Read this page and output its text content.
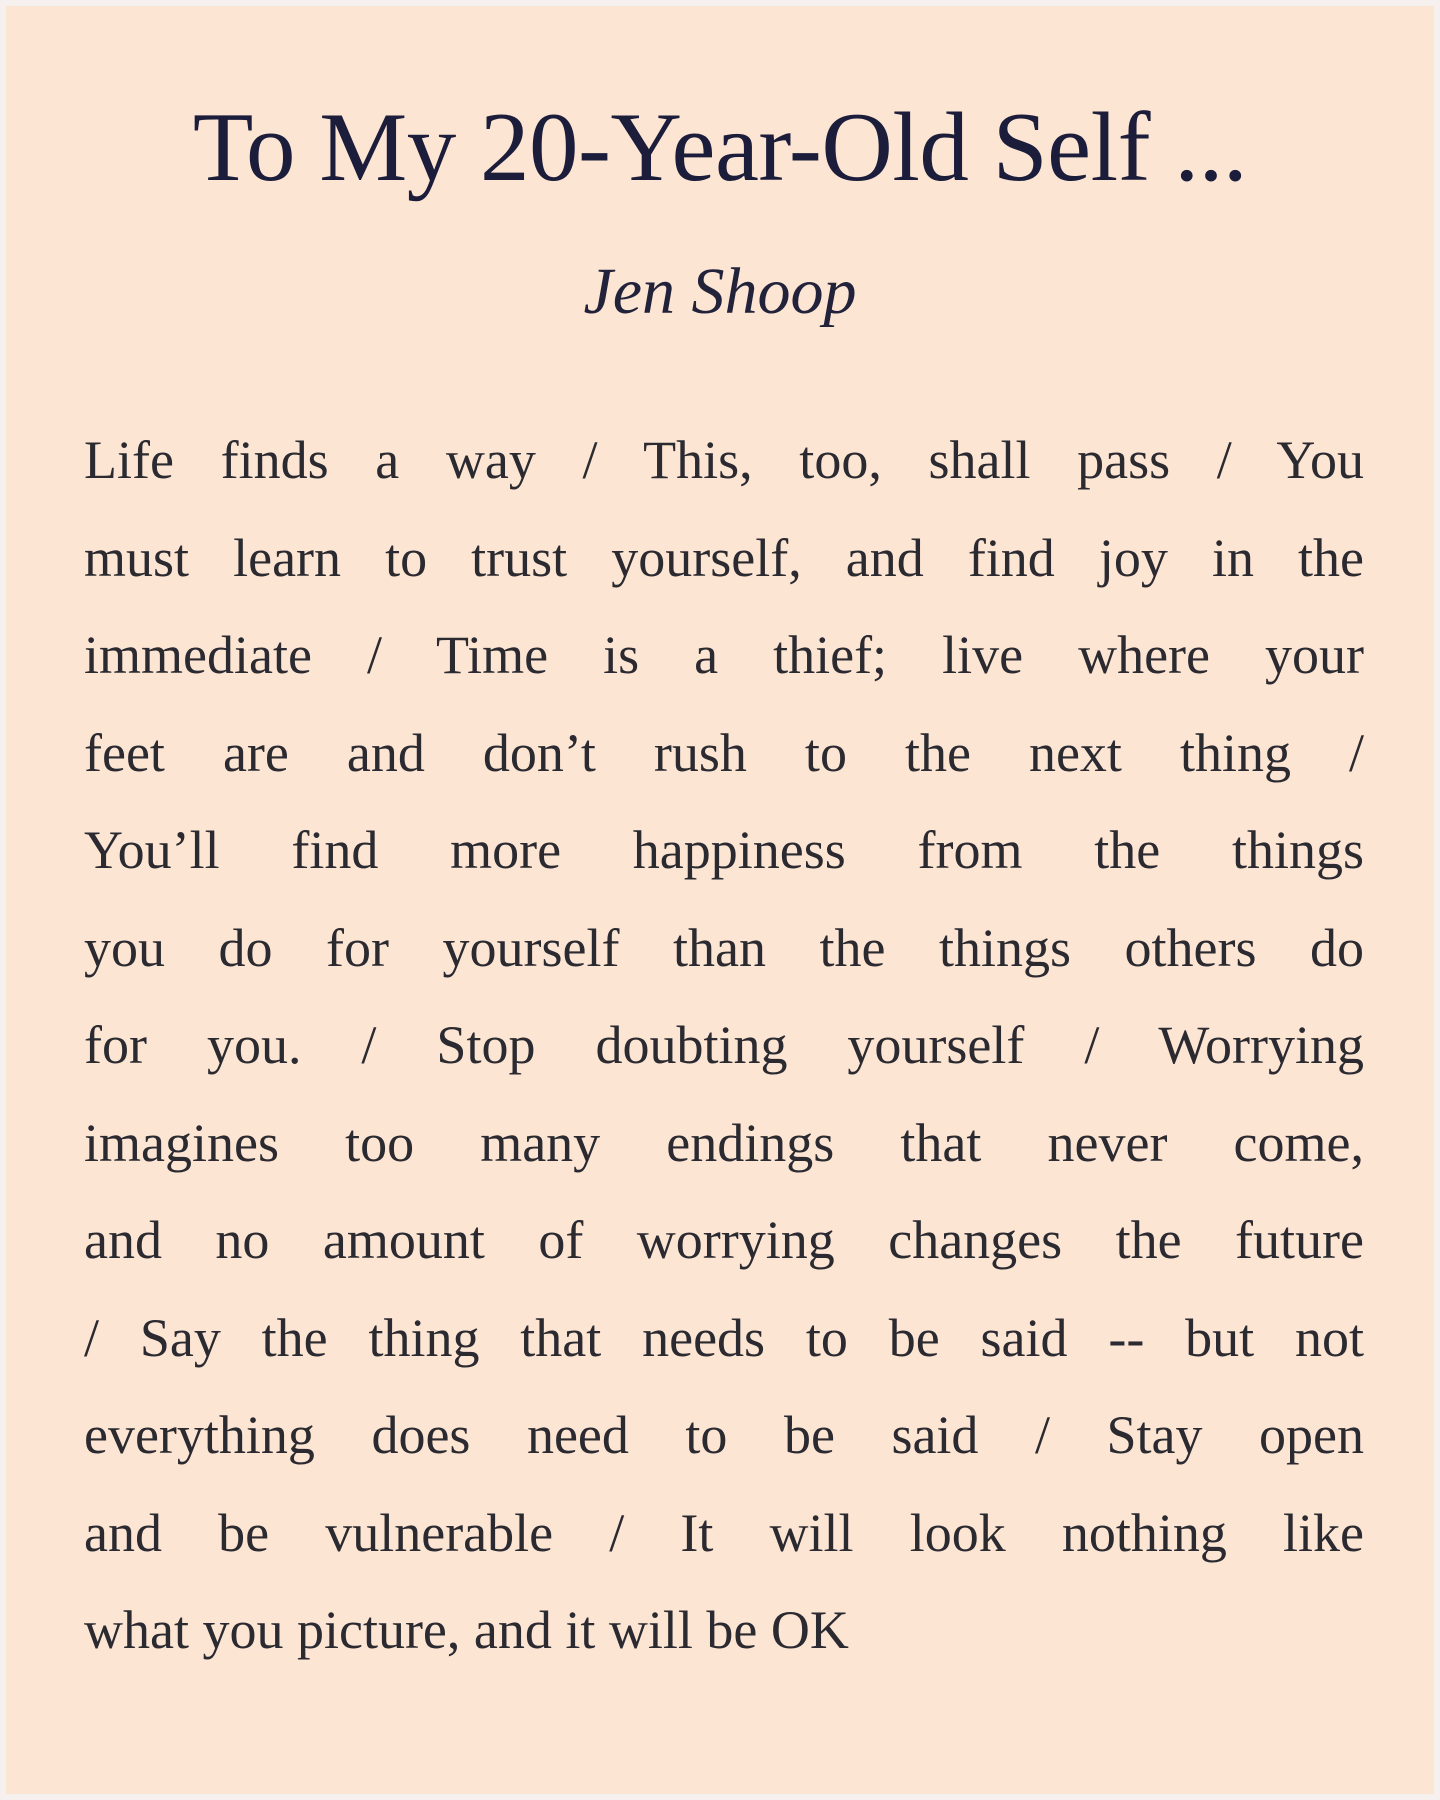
To My 20-Year-Old Self ...
Jen Shoop
Life finds a way / This, too, shall pass / You
must learn to trust yourself, and find joy in the
immediate / Time is a thief; live where your
feet are and don’t rush to the next thing /
You’ll find more happiness from the things
you do for yourself than the things others do
for you. / Stop doubting yourself / Worrying
imagines too many endings that never come,
and no amount of worrying changes the future
/ Say the thing that needs to be said -- but not
everything does need to be said / Stay open
and be vulnerable / It will look nothing like
what you picture, and it will be OK
